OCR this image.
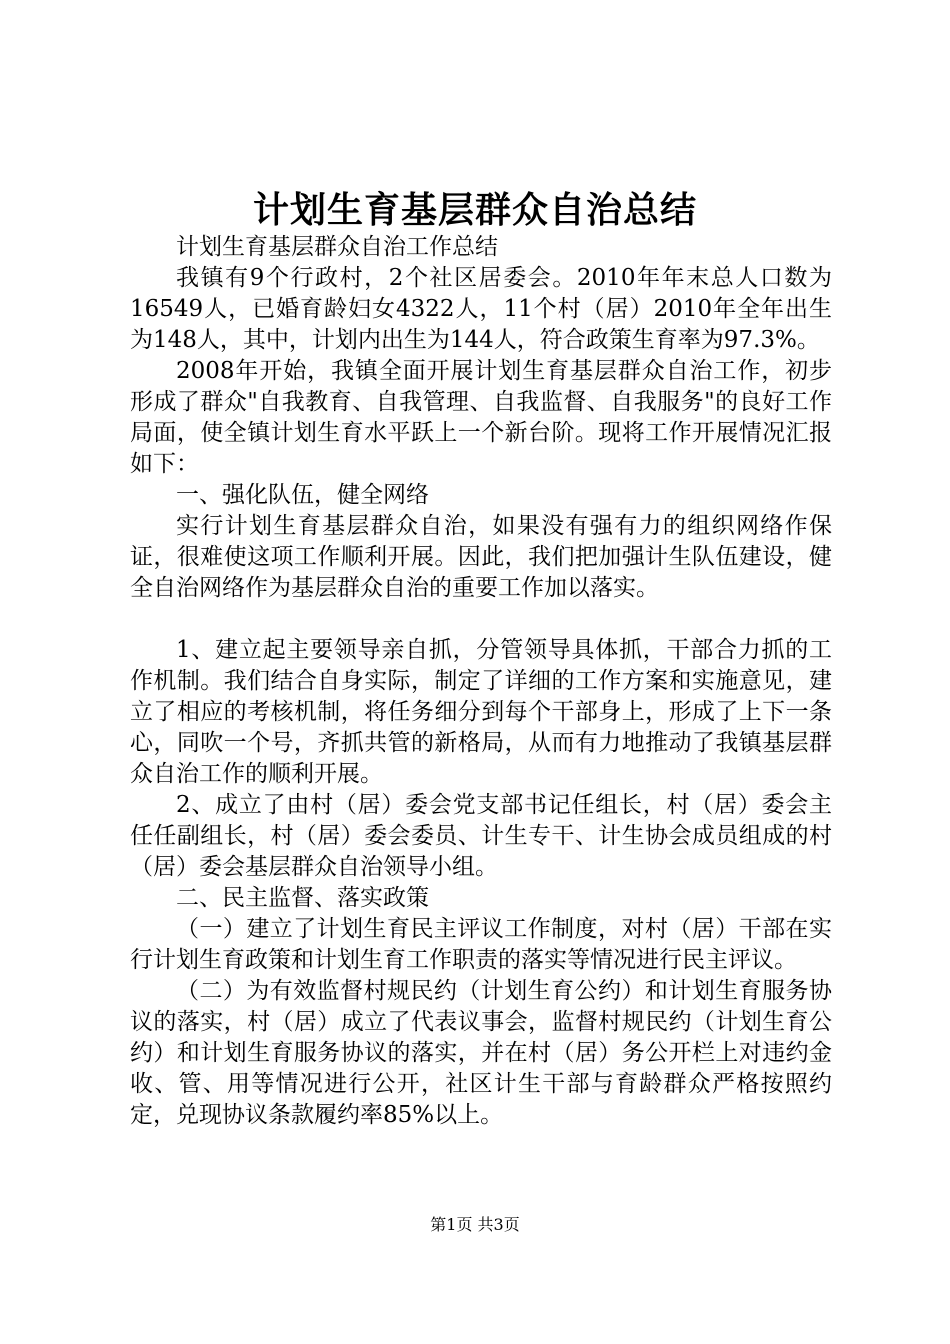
计划生育基层群众自治总结

计划生育基层群众自治工作总结

我镇有9个行政村，2个社区居委会。2010年年末总人口数为16549人，已婚育龄妇女4322人，11个村（居）2010年全年出生为148人，其中，计划内出生为144人，符合政策生育率为97.3%。

2008年开始，我镇全面开展计划生育基层群众自治工作，初步形成了群众"自我教育、自我管理、自我监督、自我服务"的良好工作局面，使全镇计划生育水平跃上一个新台阶。现将工作开展情况汇报如下：

一、强化队伍，健全网络

实行计划生育基层群众自治，如果没有强有力的组织网络作保证，很难使这项工作顺利开展。因此，我们把加强计生队伍建设，健全自治网络作为基层群众自治的重要工作加以落实。

1、建立起主要领导亲自抓，分管领导具体抓，干部合力抓的工作机制。我们结合自身实际，制定了详细的工作方案和实施意见，建立了相应的考核机制，将任务细分到每个干部身上，形成了上下一条心，同吹一个号，齐抓共管的新格局，从而有力地推动了我镇基层群众自治工作的顺利开展。

2、成立了由村（居）委会党支部书记任组长，村（居）委会主任任副组长，村（居）委会委员、计生专干、计生协会成员组成的村（居）委会基层群众自治领导小组。

二、民主监督、落实政策

（一）建立了计划生育民主评议工作制度，对村（居）干部在实行计划生育政策和计划生育工作职责的落实等情况进行民主评议。

（二）为有效监督村规民约（计划生育公约）和计划生育服务协议的落实，村（居）成立了代表议事会，监督村规民约（计划生育公约）和计划生育服务协议的落实，并在村（居）务公开栏上对违约金收、管、用等情况进行公开，社区计生干部与育龄群众严格按照约定，兑现协议条款履约率85%以上。

第1页 共3页
